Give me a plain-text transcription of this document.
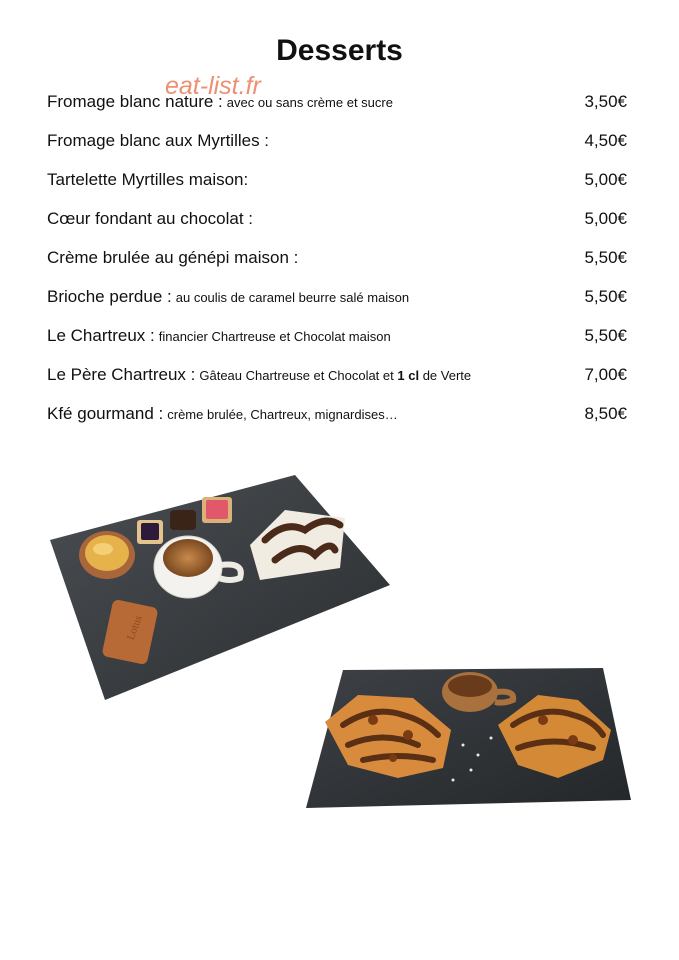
Desserts
eat-list.fr
Fromage blanc nature : avec ou sans crème et sucre	3,50€
Fromage blanc aux Myrtilles :	4,50€
Tartelette Myrtilles maison:	5,00€
Cœur fondant au chocolat :	5,00€
Crème brulée au génépi maison :	5,50€
Brioche perdue : au coulis de caramel beurre salé maison	5,50€
Le Chartreux : financier Chartreuse et Chocolat maison	5,50€
Le Père Chartreux : Gâteau Chartreuse et Chocolat et 1 cl de Verte	7,00€
Kfé gourmand : crème brulée, Chartreux, mignardises…	8,50€
Lotus
